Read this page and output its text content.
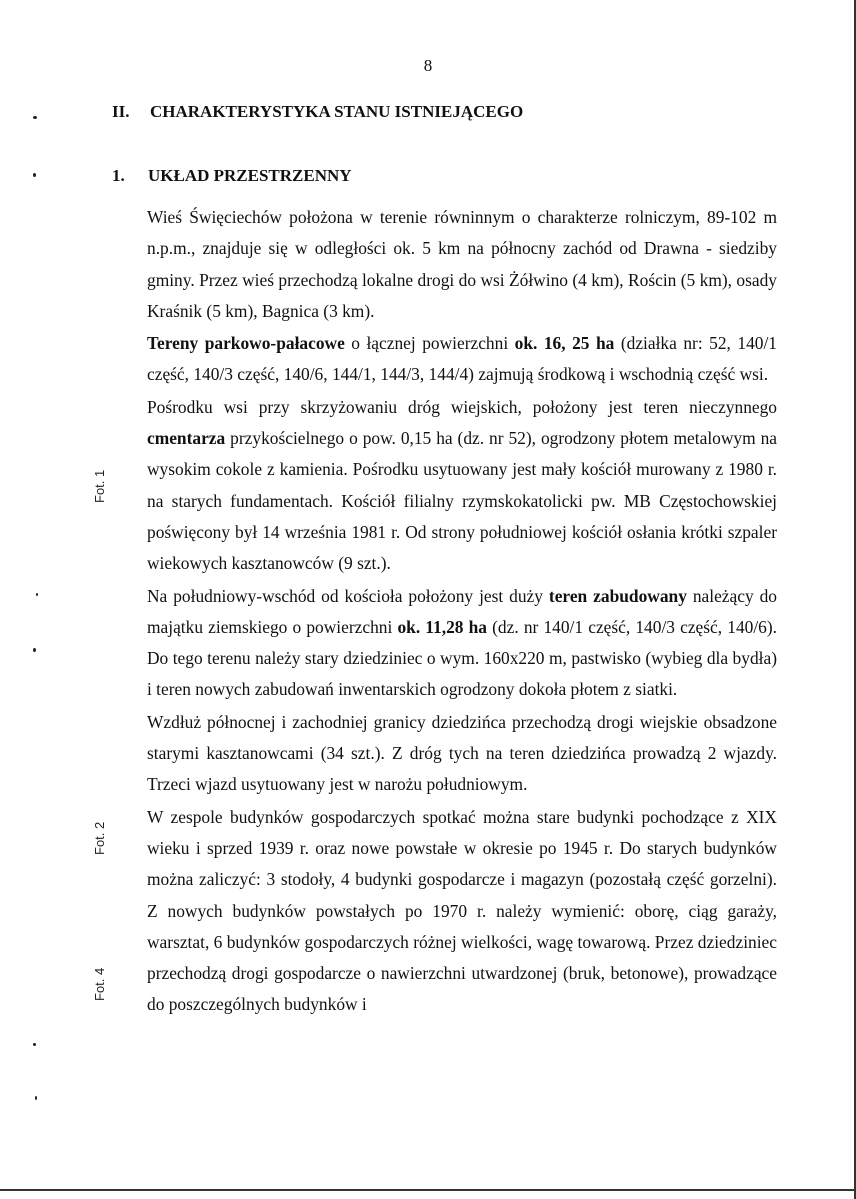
8
II. CHARAKTERYSTYKA STANU ISTNIEJĄCEGO
1. UKŁAD PRZESTRZENNY
Fot. 1
Fot. 2
Fot. 4

Wieś Święciechów położona w terenie równinnym o charakterze rolniczym, 89-102 m n.p.m., znajduje się w odległości ok. 5 km na północny zachód od Drawna - siedziby gminy. Przez wieś przechodzą lokalne drogi do wsi Żółwino (4 km), Rościn (5 km), osady Kraśnik (5 km), Bagnica (3 km).

Tereny parkowo-pałacowe o łącznej powierzchni ok. 16, 25 ha (działka nr: 52, 140/1 część, 140/3 część, 140/6, 144/1, 144/3, 144/4) zajmują środkową i wschodnią część wsi.

Pośrodku wsi przy skrzyżowaniu dróg wiejskich, położony jest teren nieczynnego cmentarza przykościelnego o pow. 0,15 ha (dz. nr 52), ogrodzony płotem metalowym na wysokim cokole z kamienia. Pośrodku usytuowany jest mały kościół murowany z 1980 r. na starych fundamentach. Kościół filialny rzymskokatolicki pw. MB Częstochowskiej poświęcony był 14 września 1981 r. Od strony południowej kościół osłania krótki szpaler wiekowych kasztanowców (9 szt.).

Na południowy-wschód od kościoła położony jest duży teren zabudowany należący do majątku ziemskiego o powierzchni ok. 11,28 ha (dz. nr 140/1 część, 140/3 część, 140/6). Do tego terenu należy stary dziedziniec o wym. 160x220 m, pastwisko (wybieg dla bydła) i teren nowych zabudowań inwentarskich ogrodzony dokoła płotem z siatki.

Wzdłuż północnej i zachodniej granicy dziedzińca przechodzą drogi wiejskie obsadzone starymi kasztanowcami (34 szt.). Z dróg tych na teren dziedzińca prowadzą 2 wjazdy. Trzeci wjazd usytuowany jest w narożu południowym.

W zespole budynków gospodarczych spotkać można stare budynki pochodzące z XIX wieku i sprzed 1939 r. oraz nowe powstałe w okresie po 1945 r. Do starych budynków można zaliczyć: 3 stodoły, 4 budynki gospodarcze i magazyn (pozostałą część gorzelni). Z nowych budynków powstałych po 1970 r. należy wymienić: oborę, ciąg garaży, warsztat, 6 budynków gospodarczych różnej wielkości, wagę towarową. Przez dziedziniec przechodzą drogi gospodarcze o nawierzchni utwardzonej (bruk, betonowe), prowadzące do poszczególnych budynków i
